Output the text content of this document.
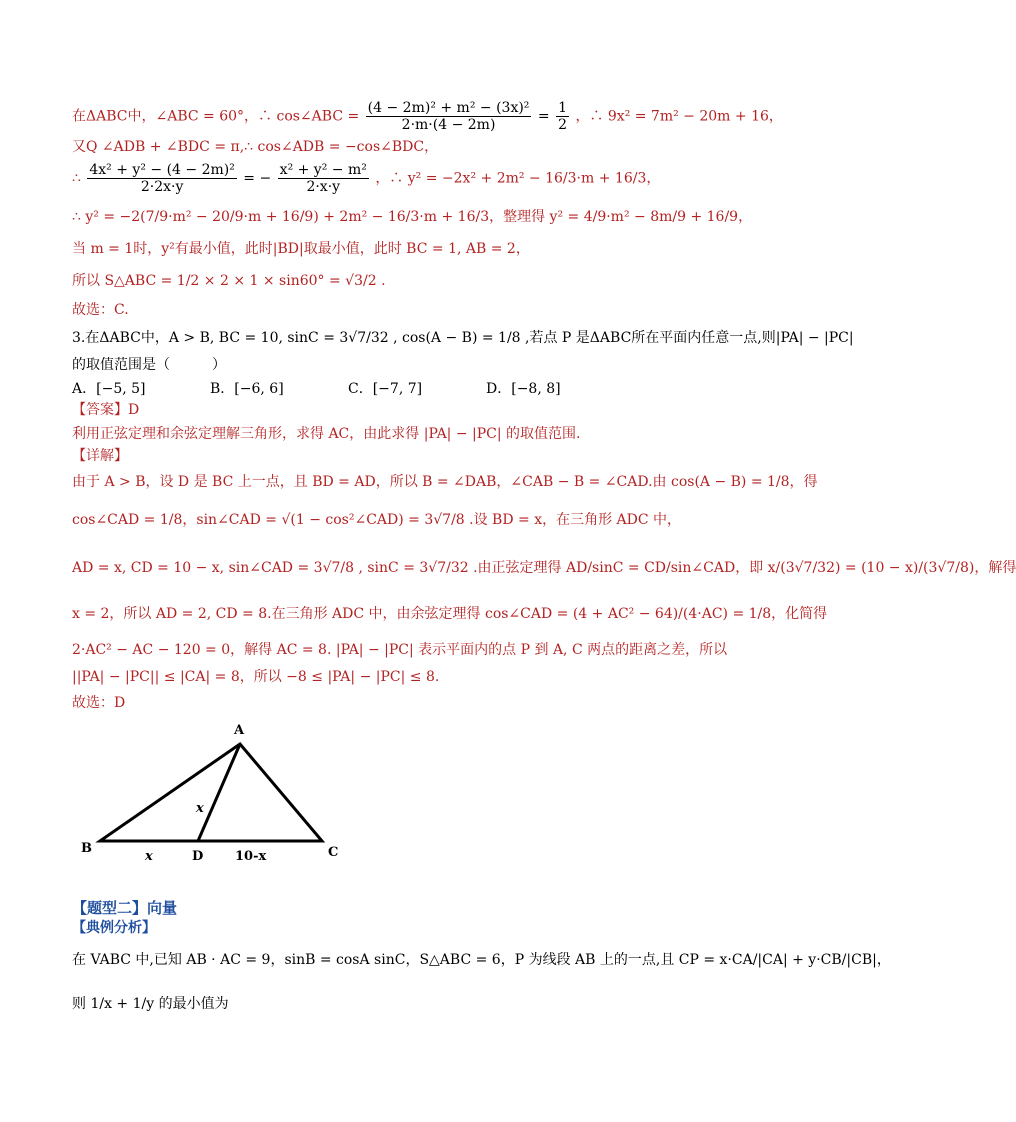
在ΔABC中，∠ABC = 60°，∴ cos∠ABC = $\frac{\text{(4 − 2m)² + m² − (3x)²}}{2\cdot m\cdot(4 - 2m)} = \frac{1}{2}$ ，∴ 9x² = 7m² − 20m + 16，
又Q ∠ADB + ∠BDC = π,∴ cos∠ADB = −cos∠BDC，
∴ $\frac{\text{4x² + y² − (4 − 2m)²}}{2\cdot 2x\cdot y}$ = − $\frac{\text{x² + y² − m²}}{2\cdot x\cdot y}$ ，∴ y² = −2x² + 2m² − 16/3·m + 16/3，
∴ y² = −2(7/9·m² − 20/9·m + 16/9) + 2m² − 16/3·m + 16/3，整理得 y² = 4/9·m² − 8m/9 + 16/9，
当 m = 1时，y²有最小值，此时|BD|取最小值，此时 BC = 1, AB = 2，
所以 S△ABC = 1/2 × 2 × 1 × sin60° = √3/2 .
故选：C.
3.在ΔABC中，A > B, BC = 10, sinC = 3√7/32 , cos(A − B) = 1/8 ,若点 P 是ΔABC所在平面内任意一点,则|PA| − |PC|
的取值范围是（　　　）
A．[−5, 5]	B．[−6, 6]	C．[−7, 7]	D．[−8, 8]
【答案】D
利用正弦定理和余弦定理解三角形，求得 AC，由此求得 |PA| − |PC| 的取值范围.
【详解】
由于 A > B，设 D 是 BC 上一点，且 BD = AD，所以 B = ∠DAB，∠CAB − B = ∠CAD.由 cos(A − B) = 1/8，得
cos∠CAD = 1/8，sin∠CAD = √(1 − cos²∠CAD) = 3√7/8 .设 BD = x，在三角形 ADC 中，
AD = x, CD = 10 − x, sin∠CAD = 3√7/8 , sinC = 3√7/32 .由正弦定理得 AD/sinC = CD/sin∠CAD，即 x/(3√7/32) = (10 − x)/(3√7/8)，解得
x = 2，所以 AD = 2, CD = 8.在三角形 ADC 中，由余弦定理得 cos∠CAD = (4 + AC² − 64)/(4·AC) = 1/8，化简得
2·AC² − AC − 120 = 0，解得 AC = 8. |PA| − |PC| 表示平面内的点 P 到 A, C 两点的距离之差，所以
||PA| − |PC|| ≤ |CA| = 8，所以 −8 ≤ |PA| − |PC| ≤ 8.
故选：D
A
B	C
D
x
x	10-x
【题型二】向量
【典例分析】
在 VABC 中,已知 AB · AC = 9，sinB = cosA sinC，S△ABC = 6，P 为线段 AB 上的一点,且 CP = x·CA/|CA| + y·CB/|CB|，
则 1/x + 1/y 的最小值为
